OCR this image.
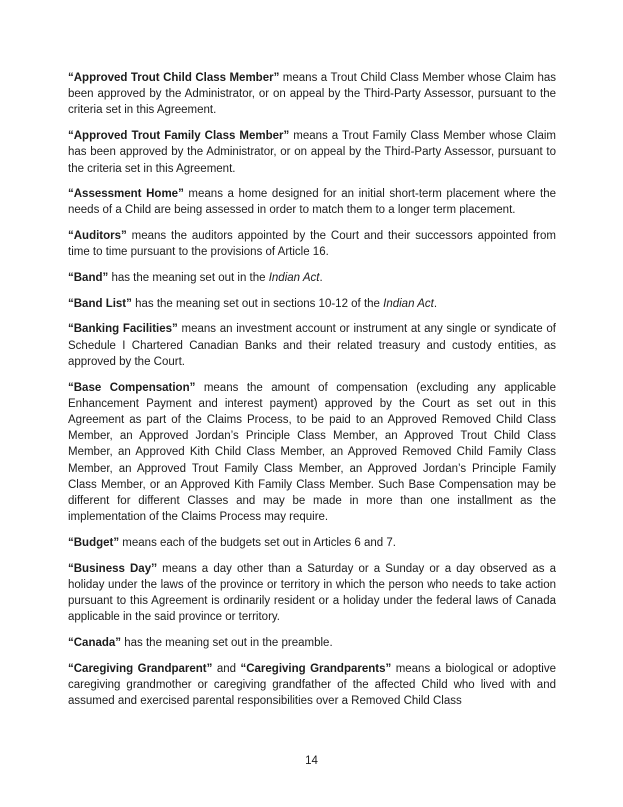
“Approved Trout Child Class Member” means a Trout Child Class Member whose Claim has been approved by the Administrator, or on appeal by the Third-Party Assessor, pursuant to the criteria set in this Agreement.

“Approved Trout Family Class Member” means a Trout Family Class Member whose Claim has been approved by the Administrator, or on appeal by the Third-Party Assessor, pursuant to the criteria set in this Agreement.

“Assessment Home” means a home designed for an initial short-term placement where the needs of a Child are being assessed in order to match them to a longer term placement.

“Auditors” means the auditors appointed by the Court and their successors appointed from time to time pursuant to the provisions of Article 16.

“Band” has the meaning set out in the Indian Act.

“Band List” has the meaning set out in sections 10-12 of the Indian Act.

“Banking Facilities” means an investment account or instrument at any single or syndicate of Schedule I Chartered Canadian Banks and their related treasury and custody entities, as approved by the Court.

“Base Compensation” means the amount of compensation (excluding any applicable Enhancement Payment and interest payment) approved by the Court as set out in this Agreement as part of the Claims Process, to be paid to an Approved Removed Child Class Member, an Approved Jordan’s Principle Class Member, an Approved Trout Child Class Member, an Approved Kith Child Class Member, an Approved Removed Child Family Class Member, an Approved Trout Family Class Member, an Approved Jordan’s Principle Family Class Member, or an Approved Kith Family Class Member. Such Base Compensation may be different for different Classes and may be made in more than one installment as the implementation of the Claims Process may require.

“Budget” means each of the budgets set out in Articles 6 and 7.

“Business Day’’ means a day other than a Saturday or a Sunday or a day observed as a holiday under the laws of the province or territory in which the person who needs to take action pursuant to this Agreement is ordinarily resident or a holiday under the federal laws of Canada applicable in the said province or territory.

“Canada” has the meaning set out in the preamble.

“Caregiving Grandparent” and “Caregiving Grandparents” means a biological or adoptive caregiving grandmother or caregiving grandfather of the affected Child who lived with and assumed and exercised parental responsibilities over a Removed Child Class

14
